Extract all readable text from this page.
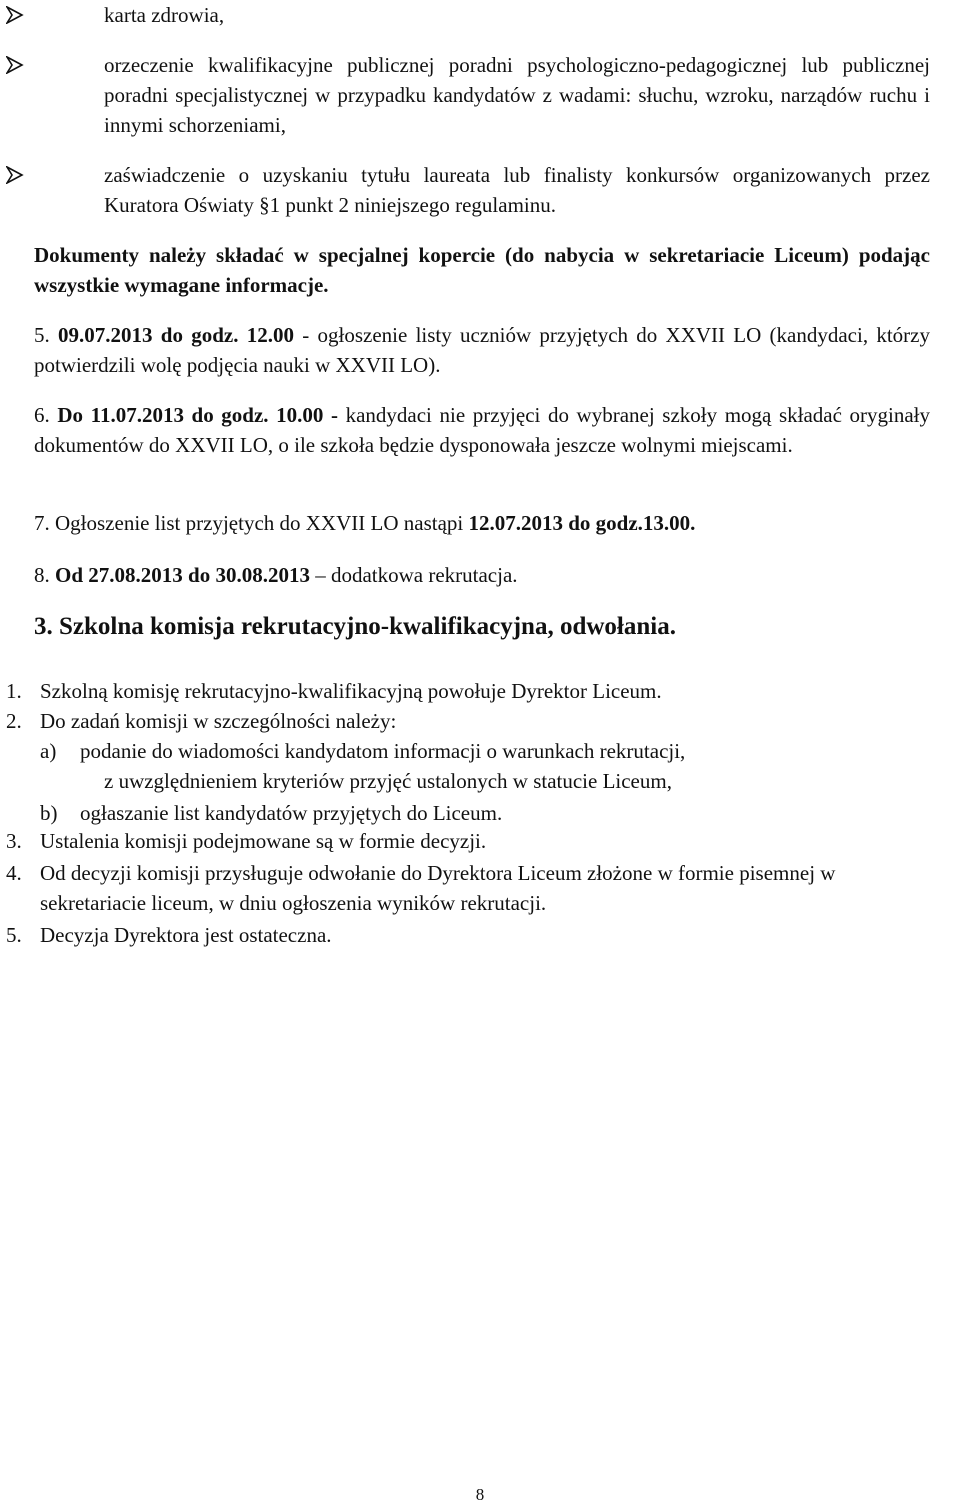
karta zdrowia,
orzeczenie kwalifikacyjne publicznej poradni psychologiczno-pedagogicznej lub publicznej poradni specjalistycznej w przypadku kandydatów z wadami: słuchu, wzroku, narządów ruchu i innymi schorzeniami,
zaświadczenie o uzyskaniu tytułu laureata lub finalisty konkursów organizowanych przez Kuratora Oświaty §1 punkt 2 niniejszego regulaminu.
Dokumenty należy składać w specjalnej kopercie (do nabycia w sekretariacie Liceum) podając wszystkie wymagane informacje.
5. 09.07.2013 do godz. 12.00 - ogłoszenie listy uczniów przyjętych do XXVII LO (kandydaci, którzy potwierdzili wolę podjęcia nauki w XXVII LO).
6. Do 11.07.2013 do godz. 10.00 - kandydaci nie przyjęci do wybranej szkoły mogą składać oryginały dokumentów do XXVII LO, o ile szkoła będzie dysponowała jeszcze wolnymi miejscami.
7. Ogłoszenie list przyjętych do XXVII LO nastąpi 12.07.2013 do godz.13.00.
8. Od 27.08.2013 do 30.08.2013 – dodatkowa rekrutacja.
3. Szkolna komisja rekrutacyjno-kwalifikacyjna, odwołania.
1. Szkolną komisję rekrutacyjno-kwalifikacyjną powołuje Dyrektor Liceum.
2. Do zadań komisji w szczególności należy:
a) podanie do wiadomości kandydatom informacji o warunkach rekrutacji,
z uwzględnieniem kryteriów przyjęć ustalonych w statucie Liceum,
b) ogłaszanie list kandydatów przyjętych do Liceum.
3. Ustalenia komisji podejmowane są w formie decyzji.
4. Od decyzji komisji przysługuje odwołanie do Dyrektora Liceum złożone w formie pisemnej w sekretariacie liceum, w dniu ogłoszenia wyników rekrutacji.
5. Decyzja Dyrektora jest ostateczna.
8
